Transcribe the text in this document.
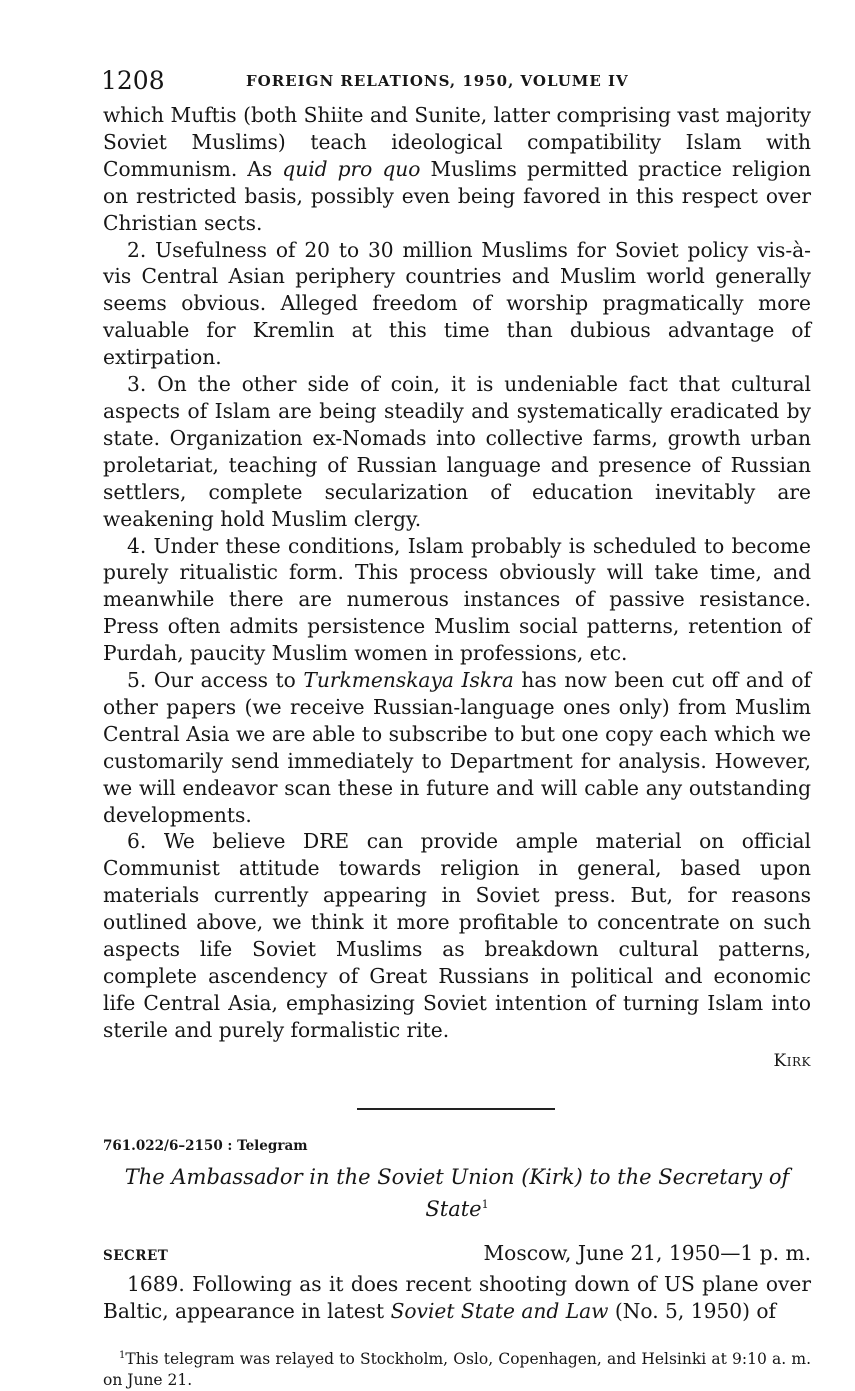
1208	FOREIGN RELATIONS, 1950, VOLUME IV

which Muftis (both Shiite and Sunite, latter comprising vast majority Soviet Muslims) teach ideological compatibility Islam with Communism. As quid pro quo Muslims permitted practice religion on restricted basis, possibly even being favored in this respect over Christian sects.

2. Usefulness of 20 to 30 million Muslims for Soviet policy vis-à-vis Central Asian periphery countries and Muslim world generally seems obvious. Alleged freedom of worship pragmatically more valuable for Kremlin at this time than dubious advantage of extirpation.

3. On the other side of coin, it is undeniable fact that cultural aspects of Islam are being steadily and systematically eradicated by state. Organization ex-Nomads into collective farms, growth urban proletariat, teaching of Russian language and presence of Russian settlers, complete secularization of education inevitably are weakening hold Muslim clergy.

4. Under these conditions, Islam probably is scheduled to become purely ritualistic form. This process obviously will take time, and meanwhile there are numerous instances of passive resistance. Press often admits persistence Muslim social patterns, retention of Purdah, paucity Muslim women in professions, etc.

5. Our access to Turkmenskaya Iskra has now been cut off and of other papers (we receive Russian-language ones only) from Muslim Central Asia we are able to subscribe to but one copy each which we customarily send immediately to Department for analysis. However, we will endeavor scan these in future and will cable any outstanding developments.

6. We believe DRE can provide ample material on official Communist attitude towards religion in general, based upon materials currently appearing in Soviet press. But, for reasons outlined above, we think it more profitable to concentrate on such aspects life Soviet Muslims as breakdown cultural patterns, complete ascendency of Great Russians in political and economic life Central Asia, emphasizing Soviet intention of turning Islam into sterile and purely formalistic rite.

Kirk
761.022/6–2150 : Telegram
The Ambassador in the Soviet Union (Kirk) to the Secretary of State$^1$
SECRET	Moscow, June 21, 1950—1 p. m.

1689. Following as it does recent shooting down of US plane over Baltic, appearance in latest Soviet State and Law (No. 5, 1950) of

$^1$This telegram was relayed to Stockholm, Oslo, Copenhagen, and Helsinki at 9:10 a. m. on June 21.
